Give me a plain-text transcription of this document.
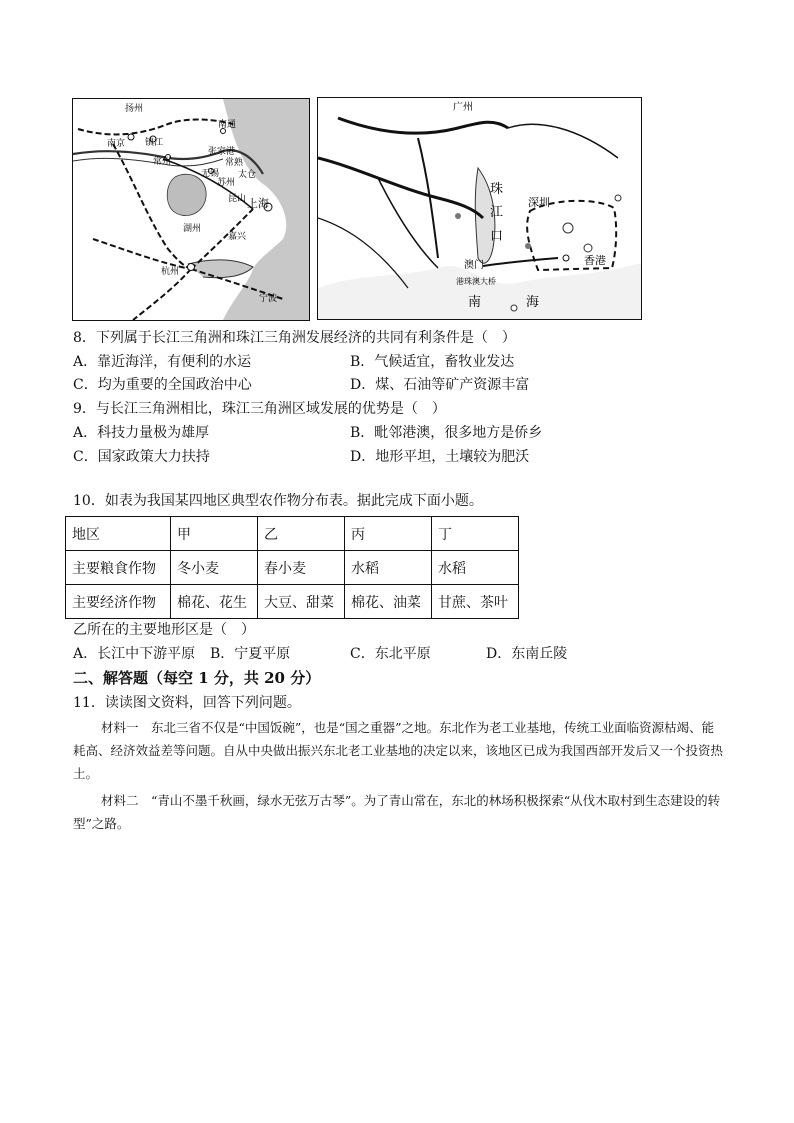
扬州
南京 镇江
南通
常州
张家港
常熟
无锡
苏州
太仓
昆山 上海
湖州
嘉兴
杭州
宁波
广州
珠
江
口
深圳
香港
澳门
港珠澳大桥
南	海
8．下列属于长江三角洲和珠江三角洲发展经济的共同有利条件是（　）
A．靠近海洋，有便利的水运	B．气候适宜，畜牧业发达
C．均为重要的全国政治中心	D．煤、石油等矿产资源丰富
9．与长江三角洲相比，珠江三角洲区域发展的优势是（　）
A．科技力量极为雄厚	B．毗邻港澳，很多地方是侨乡
C．国家政策大力扶持	D．地形平坦，土壤较为肥沃
10．如表为我国某四地区典型农作物分布表。据此完成下面小题。
地区	甲	乙	丙	丁
主要粮食作物	冬小麦	春小麦	水稻	水稻
主要经济作物	棉花、花生	大豆、甜菜	棉花、油菜	甘蔗、茶叶
乙所在的主要地形区是（　）
A．长江中下游平原 B．宁夏平原	C．东北平原	D．东南丘陵
二、解答题（每空 1 分，共 20 分）
11．读读图文资料，回答下列问题。
材料一　东北三省不仅是“中国饭碗”，也是“国之重器”之地。东北作为老工业基地，传统工业面临资源枯竭、能耗高、经济效益差等问题。自从中央做出振兴东北老工业基地的决定以来，该地区已成为我国西部开发后又一个投资热土。
材料二　“青山不墨千秋画，绿水无弦万古琴”。为了青山常在，东北的林场积极探索“从伐木取村到生态建设的转型”之路。
